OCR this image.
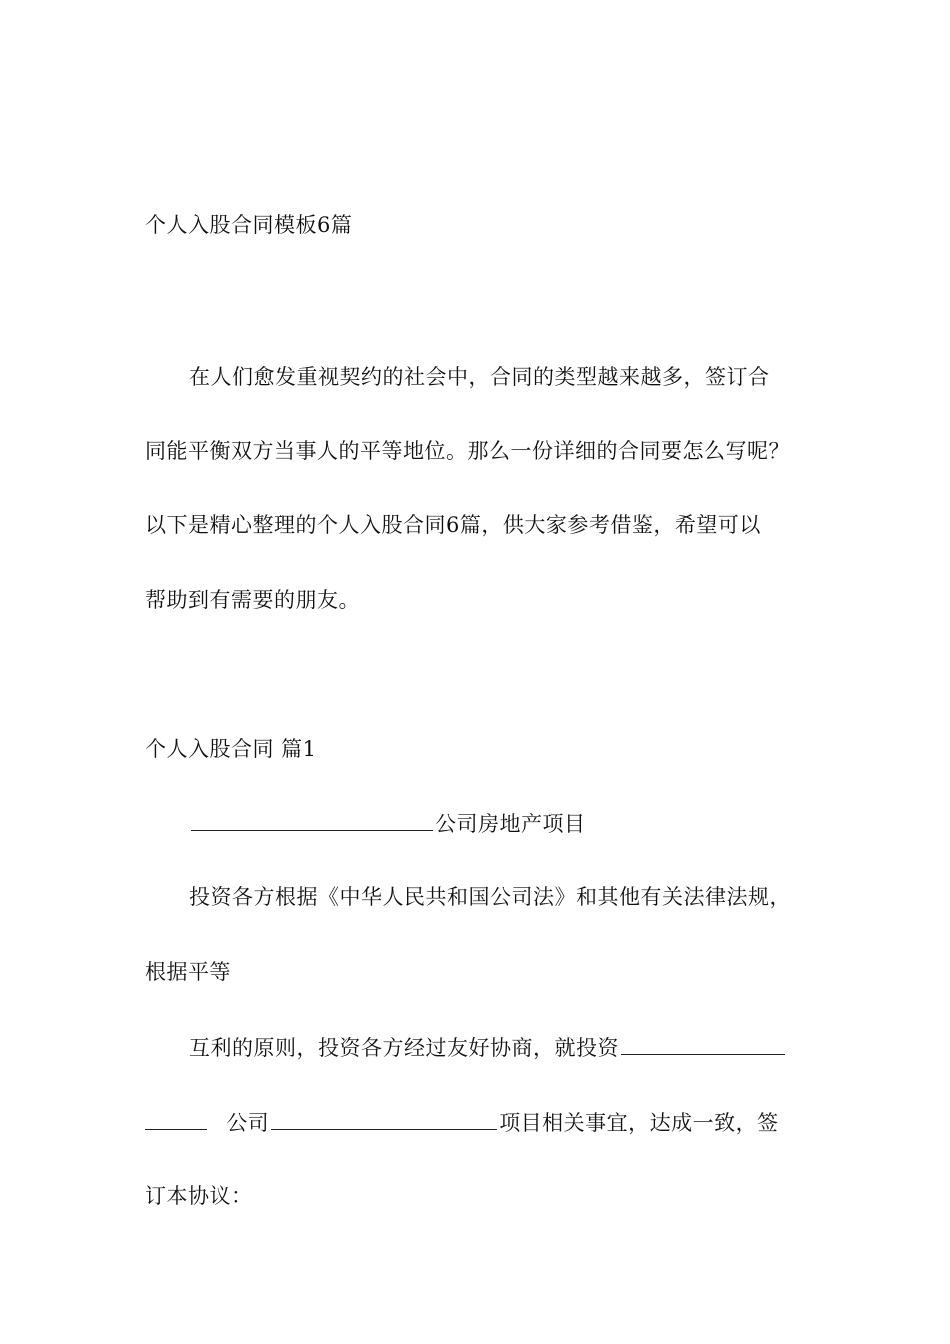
个人入股合同模板6篇
在人们愈发重视契约的社会中，合同的类型越来越多，签订合
同能平衡双方当事人的平等地位。那么一份详细的合同要怎么写呢？
以下是精心整理的个人入股合同6篇，供大家参考借鉴，希望可以
帮助到有需要的朋友。
个人入股合同 篇1
公司房地产项目
投资各方根据《中华人民共和国公司法》和其他有关法律法规，
根据平等
互利的原则，投资各方经过友好协商，就投资
公司	项目相关事宜，达成一致，签
订本协议：
